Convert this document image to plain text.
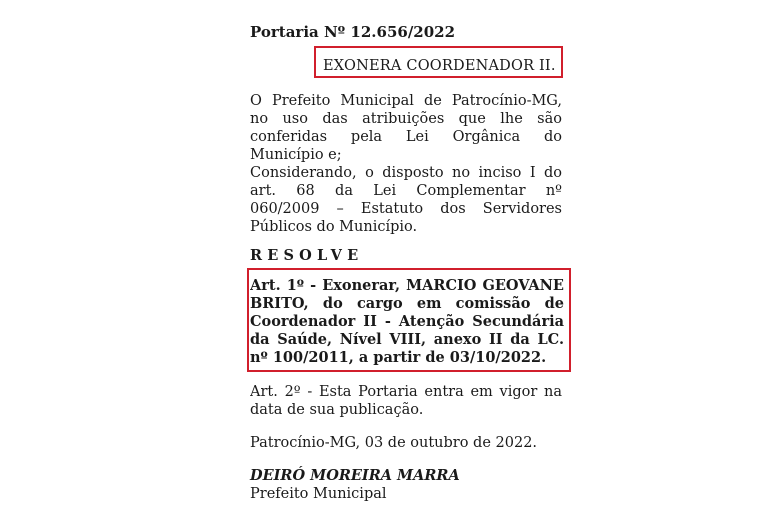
Portaria Nº 12.656/2022
EXONERA COORDENADOR II.
O Prefeito Municipal de Patrocínio-MG,
no uso das atribuições que lhe são
conferidas pela Lei Orgânica do
Município e;
Considerando, o disposto no inciso I do
art. 68 da Lei Complementar nº
060/2009 – Estatuto dos Servidores
Públicos do Município.
RESOLVE
Art. 1º - Exonerar, MARCIO GEOVANE
BRITO, do cargo em comissão de
Coordenador II - Atenção Secundária
da Saúde, Nível VIII, anexo II da LC.
nº 100/2011, a partir de 03/10/2022.
Art. 2º - Esta Portaria entra em vigor na
data de sua publicação.
Patrocínio-MG, 03 de outubro de 2022.
DEIRÓ MOREIRA MARRA
Prefeito Municipal
